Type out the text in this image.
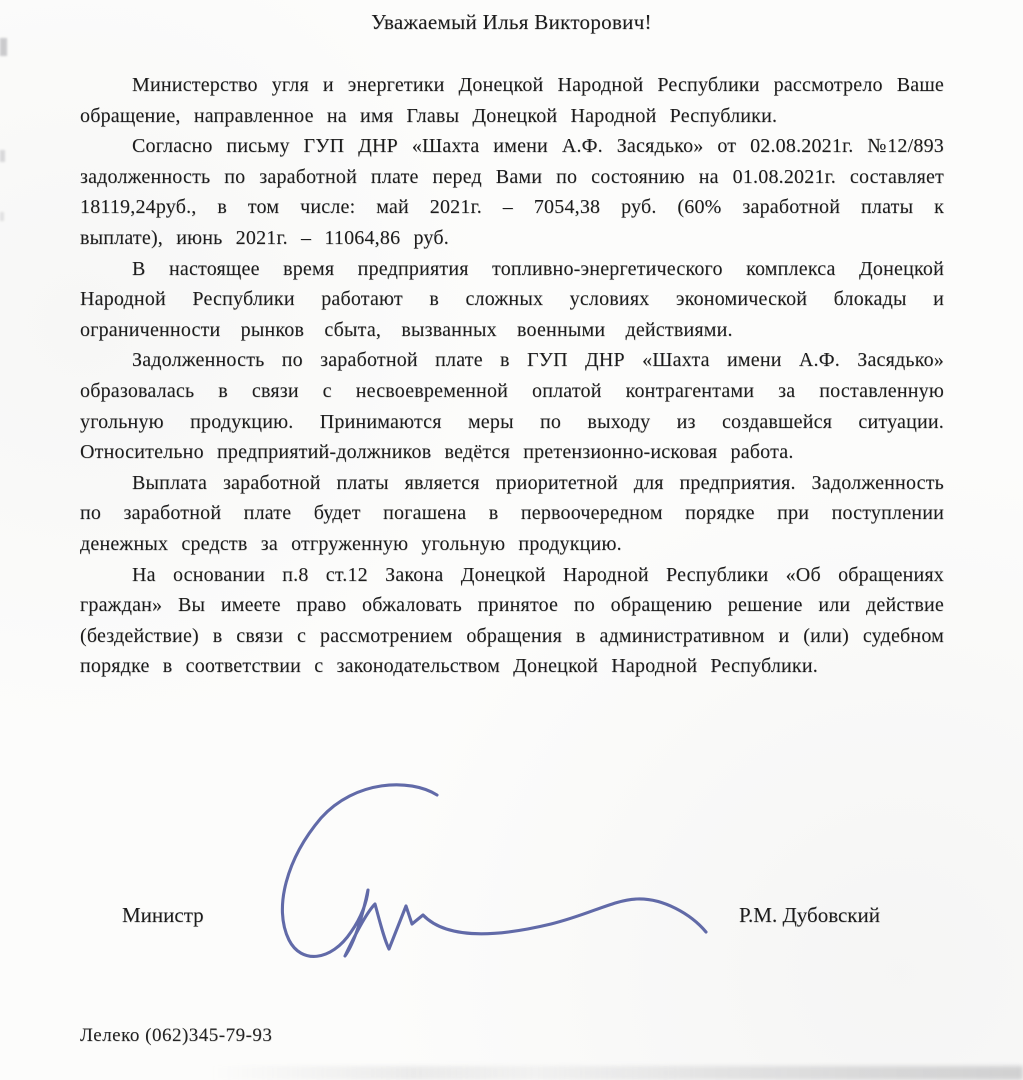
Уважаемый Илья Викторович!

Министерство угля и энергетики Донецкой Народной Республики рассмотрело Ваше обращение, направленное на имя Главы Донецкой Народной Республики.

Согласно письму ГУП ДНР «Шахта имени А.Ф. Засядько» от 02.08.2021г. №12/893 задолженность по заработной плате перед Вами по состоянию на 01.08.2021г. составляет 18119,24руб., в том числе: май 2021г. – 7054,38 руб. (60% заработной платы к выплате), июнь 2021г. – 11064,86 руб.

В настоящее время предприятия топливно-энергетического комплекса Донецкой Народной Республики работают в сложных условиях экономической блокады и ограниченности рынков сбыта, вызванных военными действиями.

Задолженность по заработной плате в ГУП ДНР «Шахта имени А.Ф. Засядько» образовалась в связи с несвоевременной оплатой контрагентами за поставленную угольную продукцию. Принимаются меры по выходу из создавшейся ситуации. Относительно предприятий-должников ведётся претензионно-исковая работа.

Выплата заработной платы является приоритетной для предприятия. Задолженность по заработной плате будет погашена в первоочередном порядке при поступлении денежных средств за отгруженную угольную продукцию.

На основании п.8 ст.12 Закона Донецкой Народной Республики «Об обращениях граждан» Вы имеете право обжаловать принятое по обращению решение или действие (бездействие) в связи с рассмотрением обращения в административном и (или) судебном порядке в соответствии с законодательством Донецкой Народной Республики.

Министр	Р.М. Дубовский
Лелеко (062)345-79-93
